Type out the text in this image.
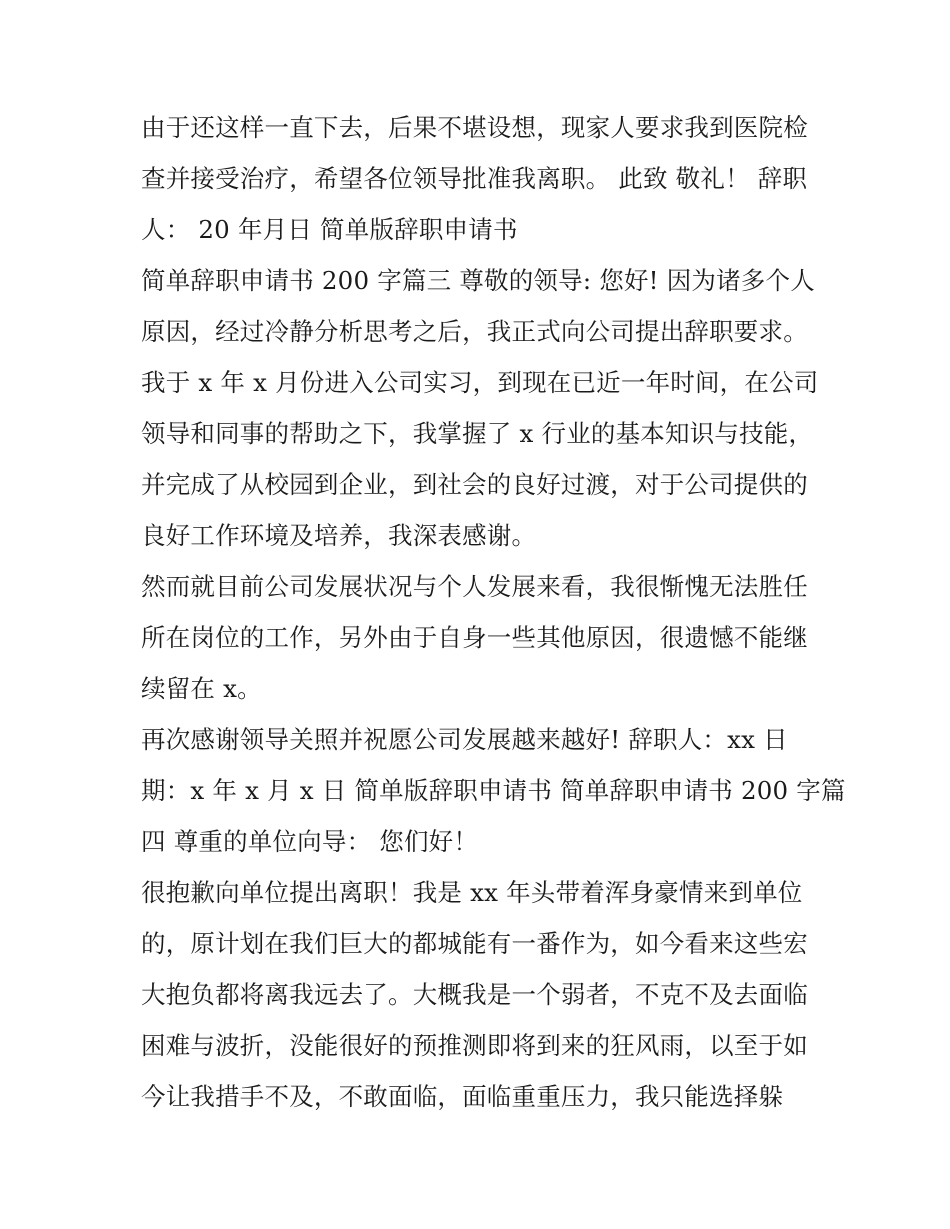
由于还这样一直下去，后果不堪设想，现家人要求我到医院检
查并接受治疗，希望各位领导批准我离职。 此致 敬礼！ 辞职
人： 20 年月日 简单版辞职申请书
简单辞职申请书 200 字篇三 尊敬的领导: 您好! 因为诸多个人
原因，经过冷静分析思考之后，我正式向公司提出辞职要求。
我于 x 年 x 月份进入公司实习，到现在已近一年时间，在公司
领导和同事的帮助之下，我掌握了 x 行业的基本知识与技能，
并完成了从校园到企业，到社会的良好过渡，对于公司提供的
良好工作环境及培养，我深表感谢。
然而就目前公司发展状况与个人发展来看，我很惭愧无法胜任
所在岗位的工作，另外由于自身一些其他原因，很遗憾不能继
续留在 x。
再次感谢领导关照并祝愿公司发展越来越好! 辞职人：xx 日
期：x 年 x 月 x 日 简单版辞职申请书 简单辞职申请书 200 字篇
四 尊重的单位向导： 您们好！
很抱歉向单位提出离职！我是 xx 年头带着浑身豪情来到单位
的，原计划在我们巨大的都城能有一番作为，如今看来这些宏
大抱负都将离我远去了。大概我是一个弱者，不克不及去面临
困难与波折，没能很好的预推测即将到来的狂风雨，以至于如
今让我措手不及，不敢面临，面临重重压力，我只能选择躲
